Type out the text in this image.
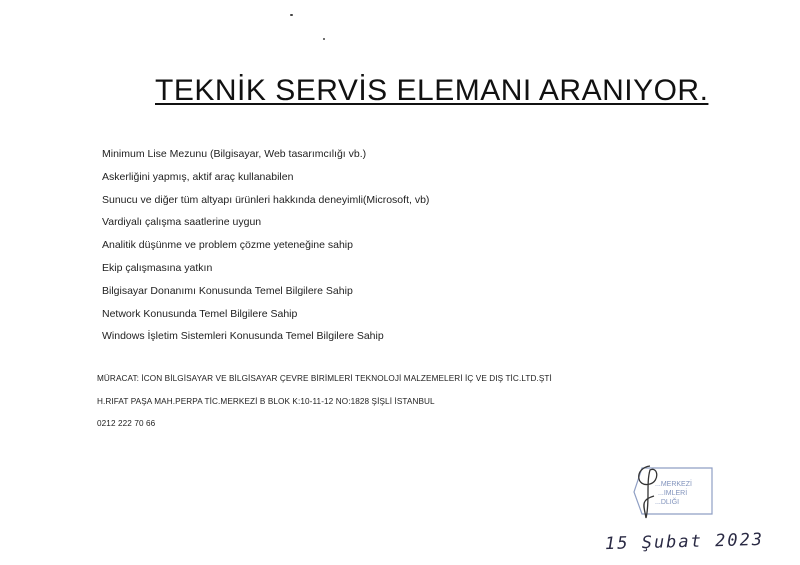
TEKNİK SERVİS ELEMANI ARANIYOR.
Minimum Lise Mezunu (Bilgisayar, Web tasarımcılığı vb.)
Askerliğini yapmış, aktif araç kullanabilen
Sunucu ve diğer tüm altyapı ürünleri hakkında deneyimli(Microsoft, vb)
Vardiyalı çalışma saatlerine uygun
Analitik düşünme ve problem çözme yeteneğine sahip
Ekip çalışmasına yatkın
Bilgisayar Donanımı Konusunda Temel Bilgilere Sahip
Network Konusunda Temel Bilgilere Sahip
Windows İşletim Sistemleri Konusunda Temel Bilgilere Sahip
MÜRACAT: İCON BİLGİSAYAR VE BİLGİSAYAR ÇEVRE BİRİMLERİ TEKNOLOJİ MALZEMELERİ İÇ VE DIŞ TİC.LTD.ŞTİ
H.RIFAT PAŞA MAH.PERPA TİC.MERKEZİ B BLOK K:10-11-12 NO:1828 ŞİŞLİ İSTANBUL
0212 222 70 66
...MERKEZİ
...IMLERİ
...DLIĞI
15 Şubat 2023
